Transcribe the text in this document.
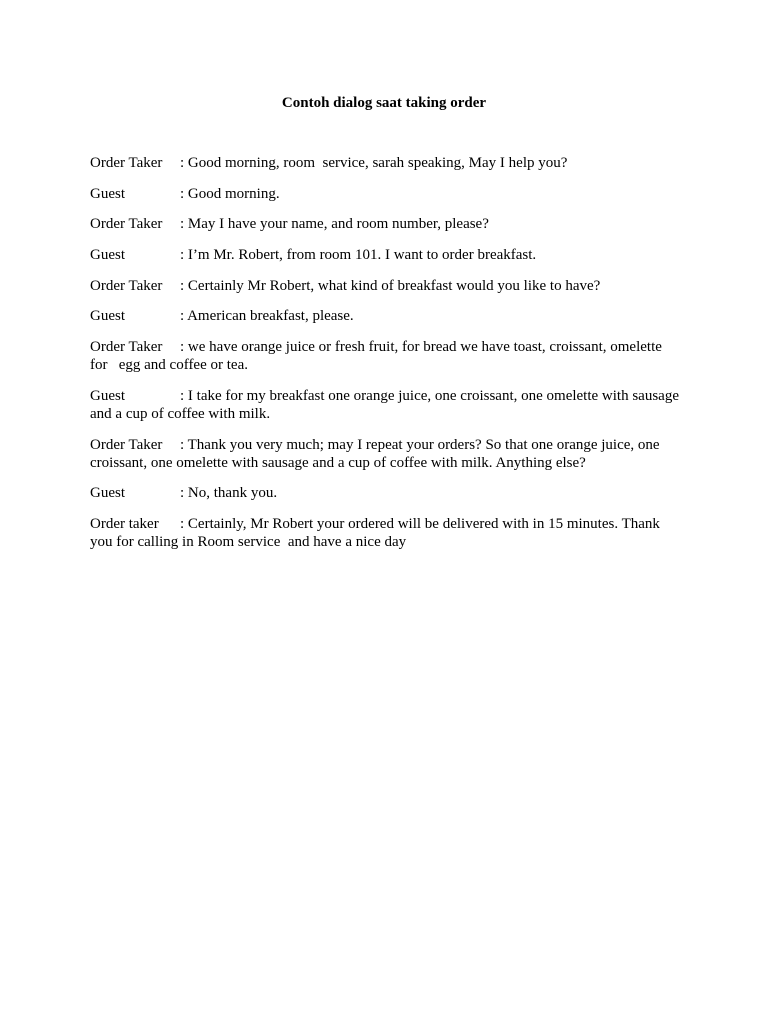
Contoh dialog saat taking order

Order Taker : Good morning, room  service, sarah speaking, May I help you?

Guest	: Good morning.

Order Taker : May I have your name, and room number, please?

Guest	: I’m Mr. Robert, from room 101. I want to order breakfast.

Order Taker : Certainly Mr Robert, what kind of breakfast would you like to have?

Guest	: American breakfast, please.

Order Taker : we have orange juice or fresh fruit, for bread we have toast, croissant, omelette for   egg and coffee or tea.

Guest	: I take for my breakfast one orange juice, one croissant, one omelette with sausage and a cup of coffee with milk.

Order Taker : Thank you very much; may I repeat your orders? So that one orange juice, one croissant, one omelette with sausage and a cup of coffee with milk. Anything else?

Guest	: No, thank you.

Order taker : Certainly, Mr Robert your ordered will be delivered with in 15 minutes. Thank you for calling in Room service  and have a nice day
